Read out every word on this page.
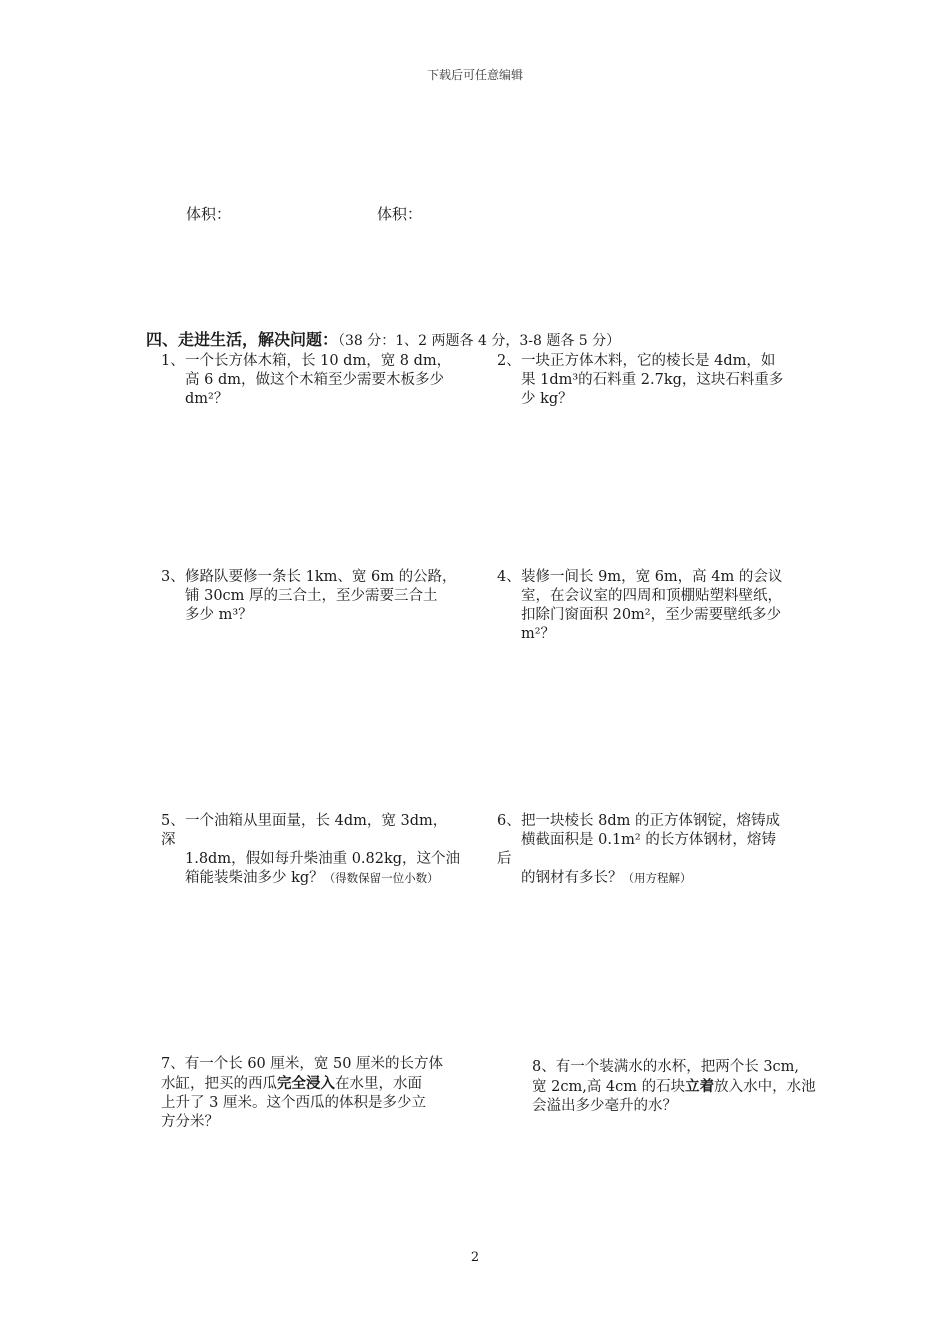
下载后可任意编辑
体积：	体积：
四、走进生活，解决问题：（38 分：1、2 两题各 4 分，3-8 题各 5 分）
1、一个长方体木箱，长 10 dm，宽 8 dm，
高 6 dm，做这个木箱至少需要木板多少
dm²？
2、一块正方体木料，它的棱长是 4dm，如
果 1dm³的石料重 2.7kg，这块石料重多
少 kg？
3、修路队要修一条长 1km、宽 6m 的公路，
铺 30cm 厚的三合土，至少需要三合土
多少 m³？
4、装修一间长 9m，宽 6m，高 4m 的会议
室，在会议室的四周和顶棚贴塑料壁纸，
扣除门窗面积 20m²，至少需要壁纸多少
m²？
5、一个油箱从里面量，长 4dm，宽 3dm，
深
1.8dm，假如每升柴油重 0.82kg，这个油
箱能装柴油多少 kg？（得数保留一位小数）
6、把一块棱长 8dm 的正方体钢锭，熔铸成
横截面积是 0.1m² 的长方体钢材，熔铸
后
的钢材有多长？（用方程解）
7、有一个长 60 厘米，宽 50 厘米的长方体
水缸，把买的西瓜完全浸入在水里，水面
上升了 3 厘米。这个西瓜的体积是多少立
方分米？
8、有一个装满水的水杯，把两个长 3cm,
宽 2cm,高 4cm 的石块立着放入水中，水池
会溢出多少毫升的水？
2
